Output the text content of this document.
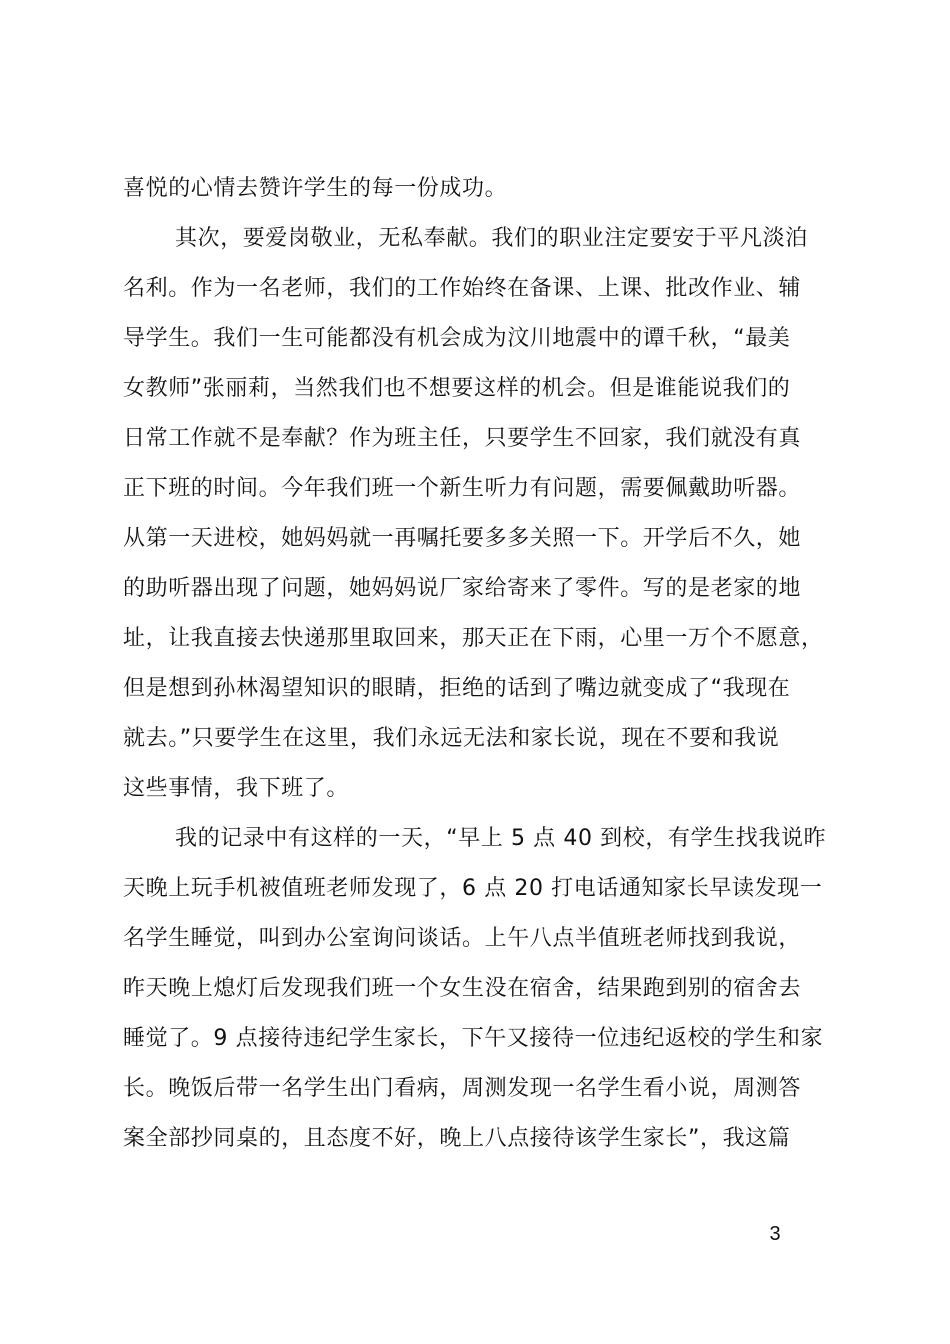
喜悦的心情去赞许学生的每一份成功。
其次，要爱岗敬业，无私奉献。我们的职业注定要安于平凡淡泊
名利。作为一名老师，我们的工作始终在备课、上课、批改作业、辅
导学生。我们一生可能都没有机会成为汶川地震中的谭千秋，“最美
女教师”张丽莉，当然我们也不想要这样的机会。但是谁能说我们的
日常工作就不是奉献？作为班主任，只要学生不回家，我们就没有真
正下班的时间。今年我们班一个新生听力有问题，需要佩戴助听器。
从第一天进校，她妈妈就一再嘱托要多多关照一下。开学后不久，她
的助听器出现了问题，她妈妈说厂家给寄来了零件。写的是老家的地
址，让我直接去快递那里取回来，那天正在下雨，心里一万个不愿意，
但是想到孙林渴望知识的眼睛，拒绝的话到了嘴边就变成了“我现在
就去。”只要学生在这里，我们永远无法和家长说，现在不要和我说
这些事情，我下班了。
我的记录中有这样的一天，“早上 5 点 40 到校，有学生找我说昨
天晚上玩手机被值班老师发现了，6 点 20 打电话通知家长早读发现一
名学生睡觉，叫到办公室询问谈话。上午八点半值班老师找到我说，
昨天晚上熄灯后发现我们班一个女生没在宿舍，结果跑到别的宿舍去
睡觉了。9 点接待违纪学生家长，下午又接待一位违纪返校的学生和家
长。晚饭后带一名学生出门看病，周测发现一名学生看小说，周测答
案全部抄同桌的，且态度不好，晚上八点接待该学生家长”，我这篇
3
